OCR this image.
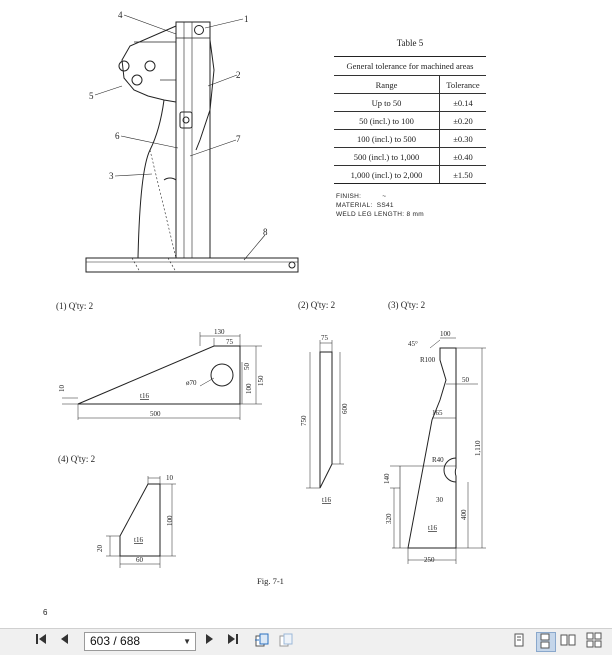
4	1
2
5
6	7
3
8
(1) Q'ty: 2	(2) Q'ty: 2	(3) Q'ty: 2
(4) Q'ty: 2
130
75
ø70
50
100
150
10
t16
500
75
750
600
t16
100
45°
R100
50
165
1,110
R40
140
30
400
320
t16
250
10
100
20
t16
60
Fig. 7-1
6
Table 5
General tolerance for machined areas	
Range	Tolerance
Up to 50	±0.14
50 (incl.) to 100	±0.20
100 (incl.) to 500	±0.30
500 (incl.) to 1,000	±0.40
1,000 (incl.) to 2,000	±1.50
FINISH:	~
MATERIAL: SS41
WELD LEG LENGTH: 8 mm
603 / 688	▼
